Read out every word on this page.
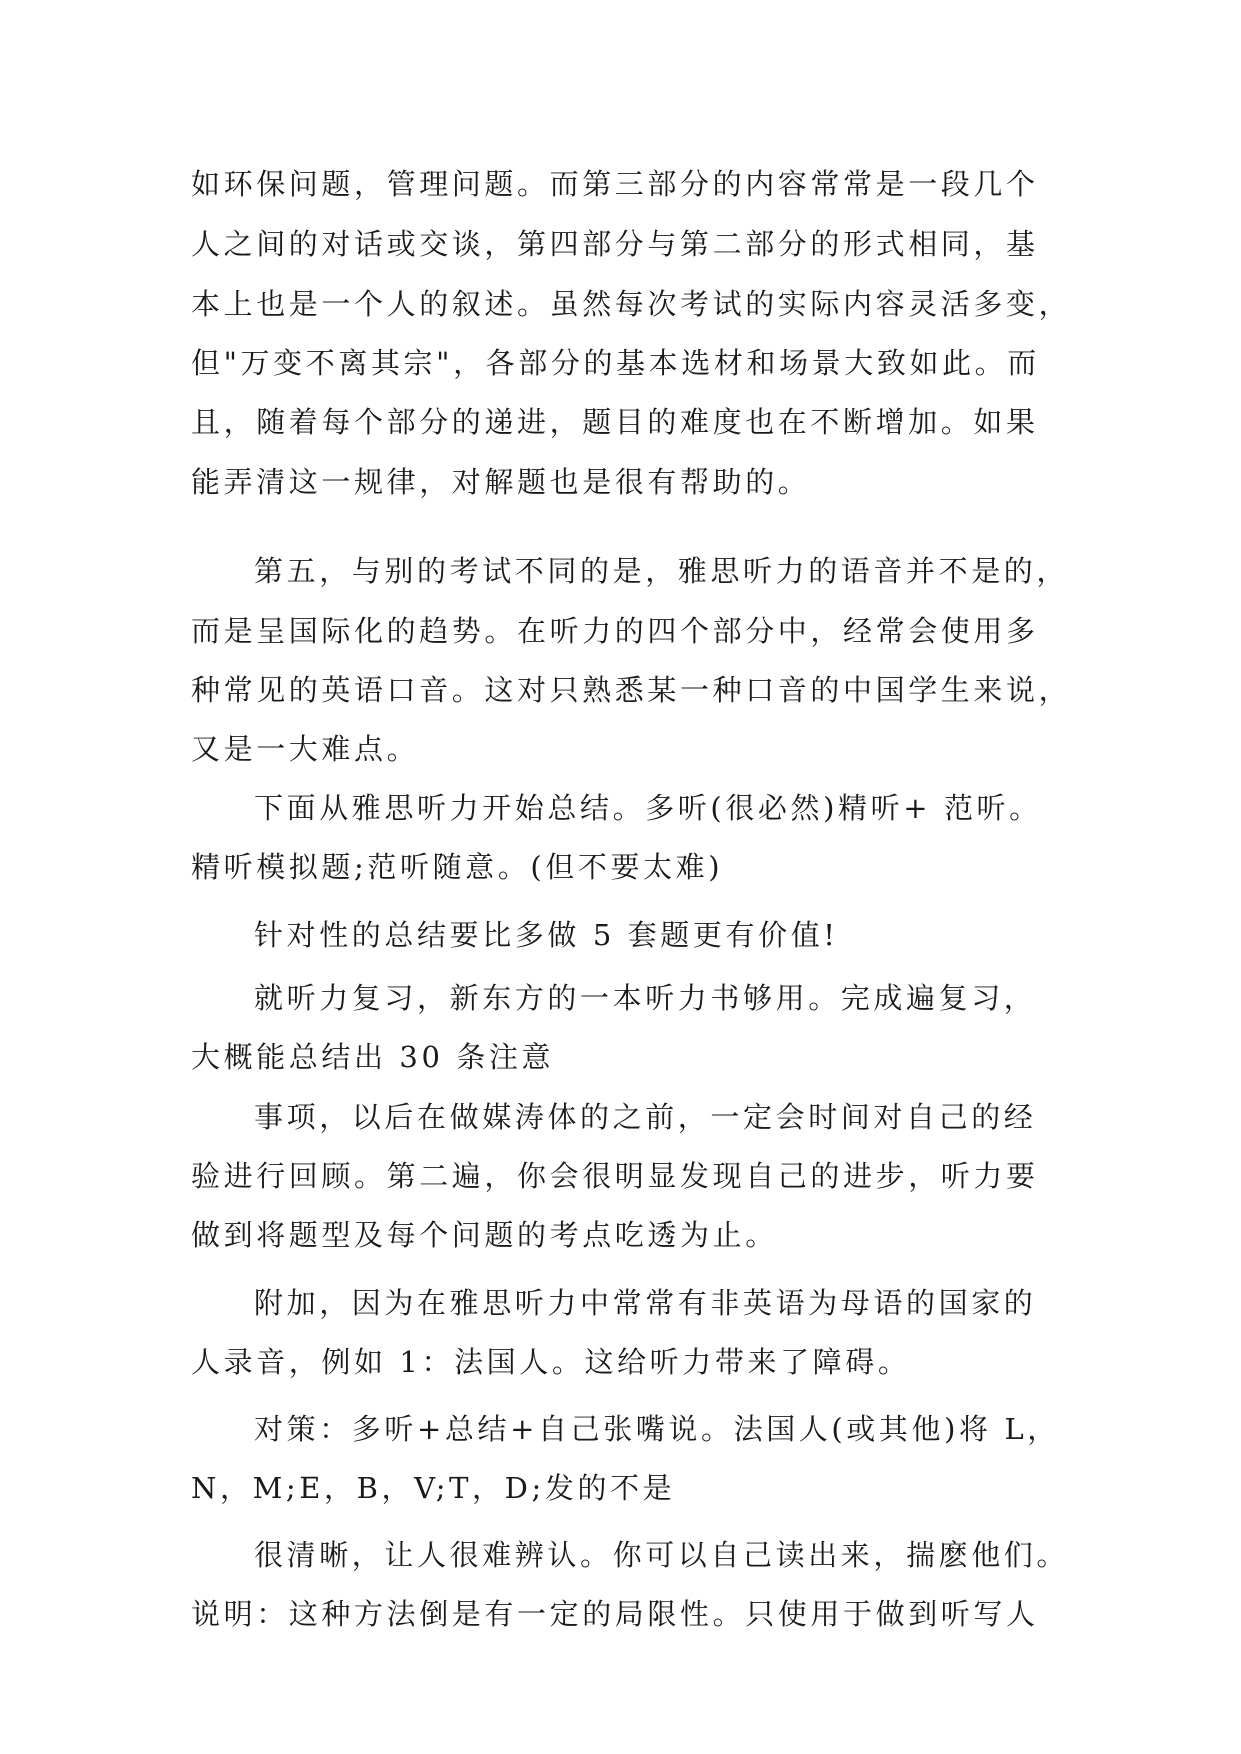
如环保问题，管理问题。而第三部分的内容常常是一段几个
人之间的对话或交谈，第四部分与第二部分的形式相同，基
本上也是一个人的叙述。虽然每次考试的实际内容灵活多变，
但"万变不离其宗"，各部分的基本选材和场景大致如此。而
且，随着每个部分的递进，题目的难度也在不断增加。如果
能弄清这一规律，对解题也是很有帮助的。
第五，与别的考试不同的是，雅思听力的语音并不是的，
而是呈国际化的趋势。在听力的四个部分中，经常会使用多
种常见的英语口音。这对只熟悉某一种口音的中国学生来说，
又是一大难点。
下面从雅思听力开始总结。多听(很必然)精听+ 范听。
精听模拟题;范听随意。(但不要太难)
针对性的总结要比多做 5 套题更有价值!
就听力复习，新东方的一本听力书够用。完成遍复习，
大概能总结出 30 条注意
事项，以后在做媒涛体的之前，一定会时间对自己的经
验进行回顾。第二遍，你会很明显发现自己的进步，听力要
做到将题型及每个问题的考点吃透为止。
附加，因为在雅思听力中常常有非英语为母语的国家的
人录音，例如 1：法国人。这给听力带来了障碍。
对策：多听+总结+自己张嘴说。法国人(或其他)将 L，
N，M;E，B，V;T，D;发的不是
很清晰，让人很难辨认。你可以自己读出来，揣麽他们。
说明：这种方法倒是有一定的局限性。只使用于做到听写人
